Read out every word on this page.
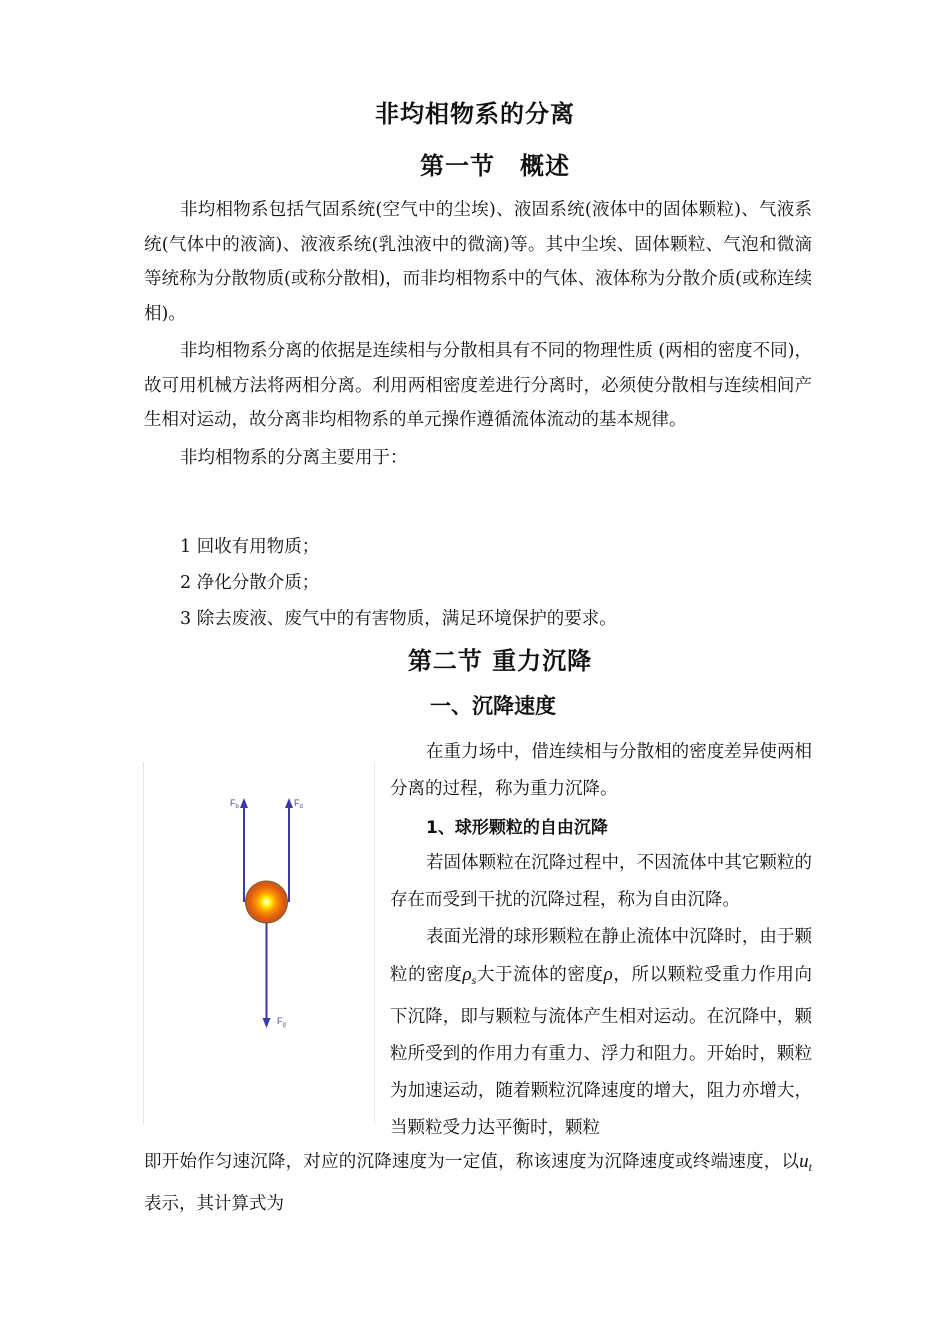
非均相物系的分离
第一节　概述

非均相物系包括气固系统(空气中的尘埃)、液固系统(液体中的固体颗粒)、气液系统(气体中的液滴)、液液系统(乳浊液中的微滴)等。其中尘埃、固体颗粒、气泡和微滴等统称为分散物质(或称分散相)，而非均相物系中的气体、液体称为分散介质(或称连续相)。

非均相物系分离的依据是连续相与分散相具有不同的物理性质 (两相的密度不同)，故可用机械方法将两相分离。利用两相密度差进行分离时，必须使分散相与连续相间产生相对运动，故分离非均相物系的单元操作遵循流体流动的基本规律。

非均相物系的分离主要用于：

1 回收有用物质；
2 净化分散介质；
3 除去废液、废气中的有害物质，满足环境保护的要求。
第二节 重力沉降
一、沉降速度
$F_b$	$F_d$
$F_g$

在重力场中，借连续相与分散相的密度差异使两相分离的过程，称为重力沉降。

1、球形颗粒的自由沉降

若固体颗粒在沉降过程中，不因流体中其它颗粒的存在而受到干扰的沉降过程，称为自由沉降。

表面光滑的球形颗粒在静止流体中沉降时，由于颗粒的密度$\rho_s$大于流体的密度ρ，所以颗粒受重力作用向下沉降，即与颗粒与流体产生相对运动。在沉降中，颗粒所受到的作用力有重力、浮力和阻力。开始时，颗粒为加速运动，随着颗粒沉降速度的增大，阻力亦增大，当颗粒受力达平衡时，颗粒

即开始作匀速沉降，对应的沉降速度为一定值，称该速度为沉降速度或终端速度，以$u_t$表示，其计算式为
